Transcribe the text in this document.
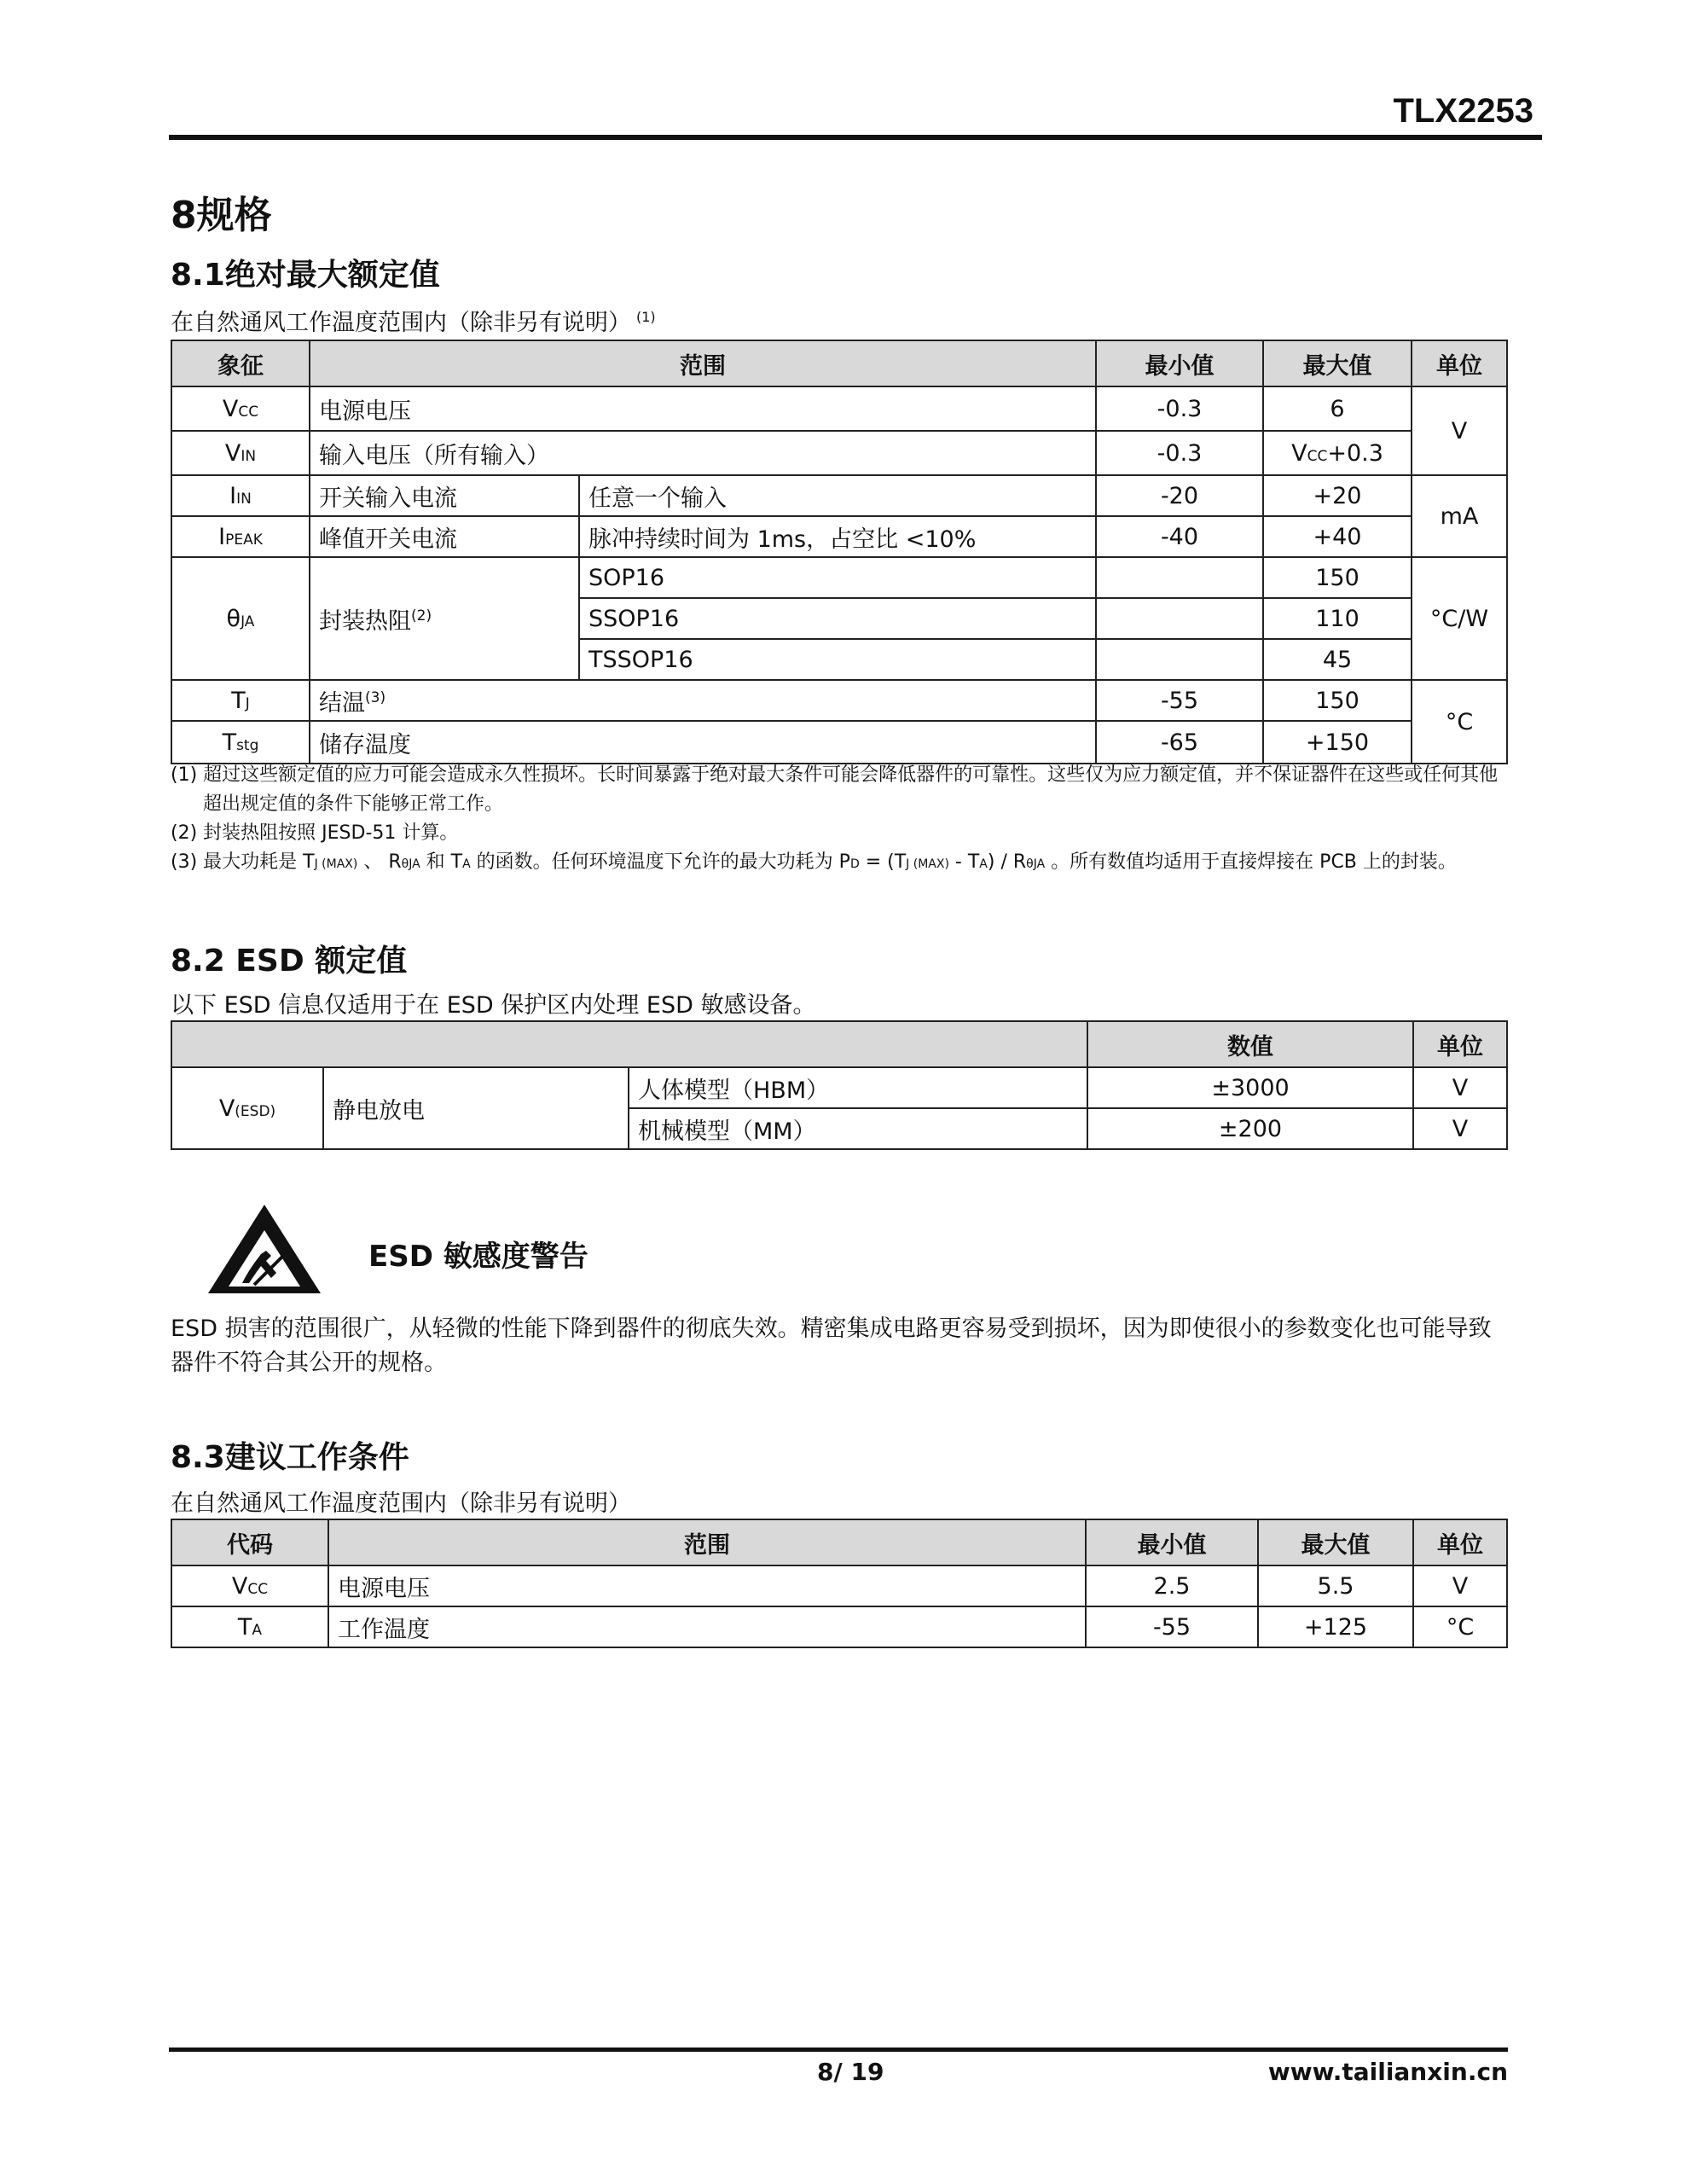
TLX2253
8规格
8.1绝对最大额定值
在自然通风工作温度范围内（除非另有说明） $^{(1)}$
象征	范围		最小值	最大值	单位
VCC	电源电压		-0.3	6	V
VIN	输入电压（所有输入）		-0.3	VCC+0.3	
IIN	开关输入电流	任意一个输入	-20	+20	mA
IPEAK	峰值开关电流	脉冲持续时间为 1ms，占空比 <10%	-40	+40	
θJA	封装热阻$^{(2)}$	SOP16		150	°C/W
		SSOP16		110	
		TSSOP16		45	
TJ	结温$^{(3)}$		-55	150	°C
Tstg	储存温度		-65	+150	
(1) 超过这些额定值的应力可能会造成永久性损坏。长时间暴露于绝对最大条件可能会降低器件的可靠性。这些仅为应力额定值，并不保证器件在这些或任何其他超出规定值的条件下能够正常工作。
(2) 封装热阻按照 JESD-51 计算。
(3) 最大功耗是 TJ (MAX) 、 RθJA 和 TA 的函数。任何环境温度下允许的最大功耗为 PD = (TJ (MAX) - TA) / RθJA 。所有数值均适用于直接焊接在 PCB 上的封装。
8.2 ESD 额定值
以下 ESD 信息仅适用于在 ESD 保护区内处理 ESD 敏感设备。
			数值	单位
V(ESD)	静电放电	人体模型（HBM）	±3000	V
		机械模型（MM）	±200	V
ESD 敏感度警告
ESD 损害的范围很广，从轻微的性能下降到器件的彻底失效。精密集成电路更容易受到损坏，因为即使很小的参数变化也可能导致器件不符合其公开的规格。
8.3建议工作条件
在自然通风工作温度范围内（除非另有说明）
代码	范围	最小值	最大值	单位
VCC	电源电压	2.5	5.5	V
TA	工作温度	-55	+125	°C
8/ 19	www.tailianxin.cn
